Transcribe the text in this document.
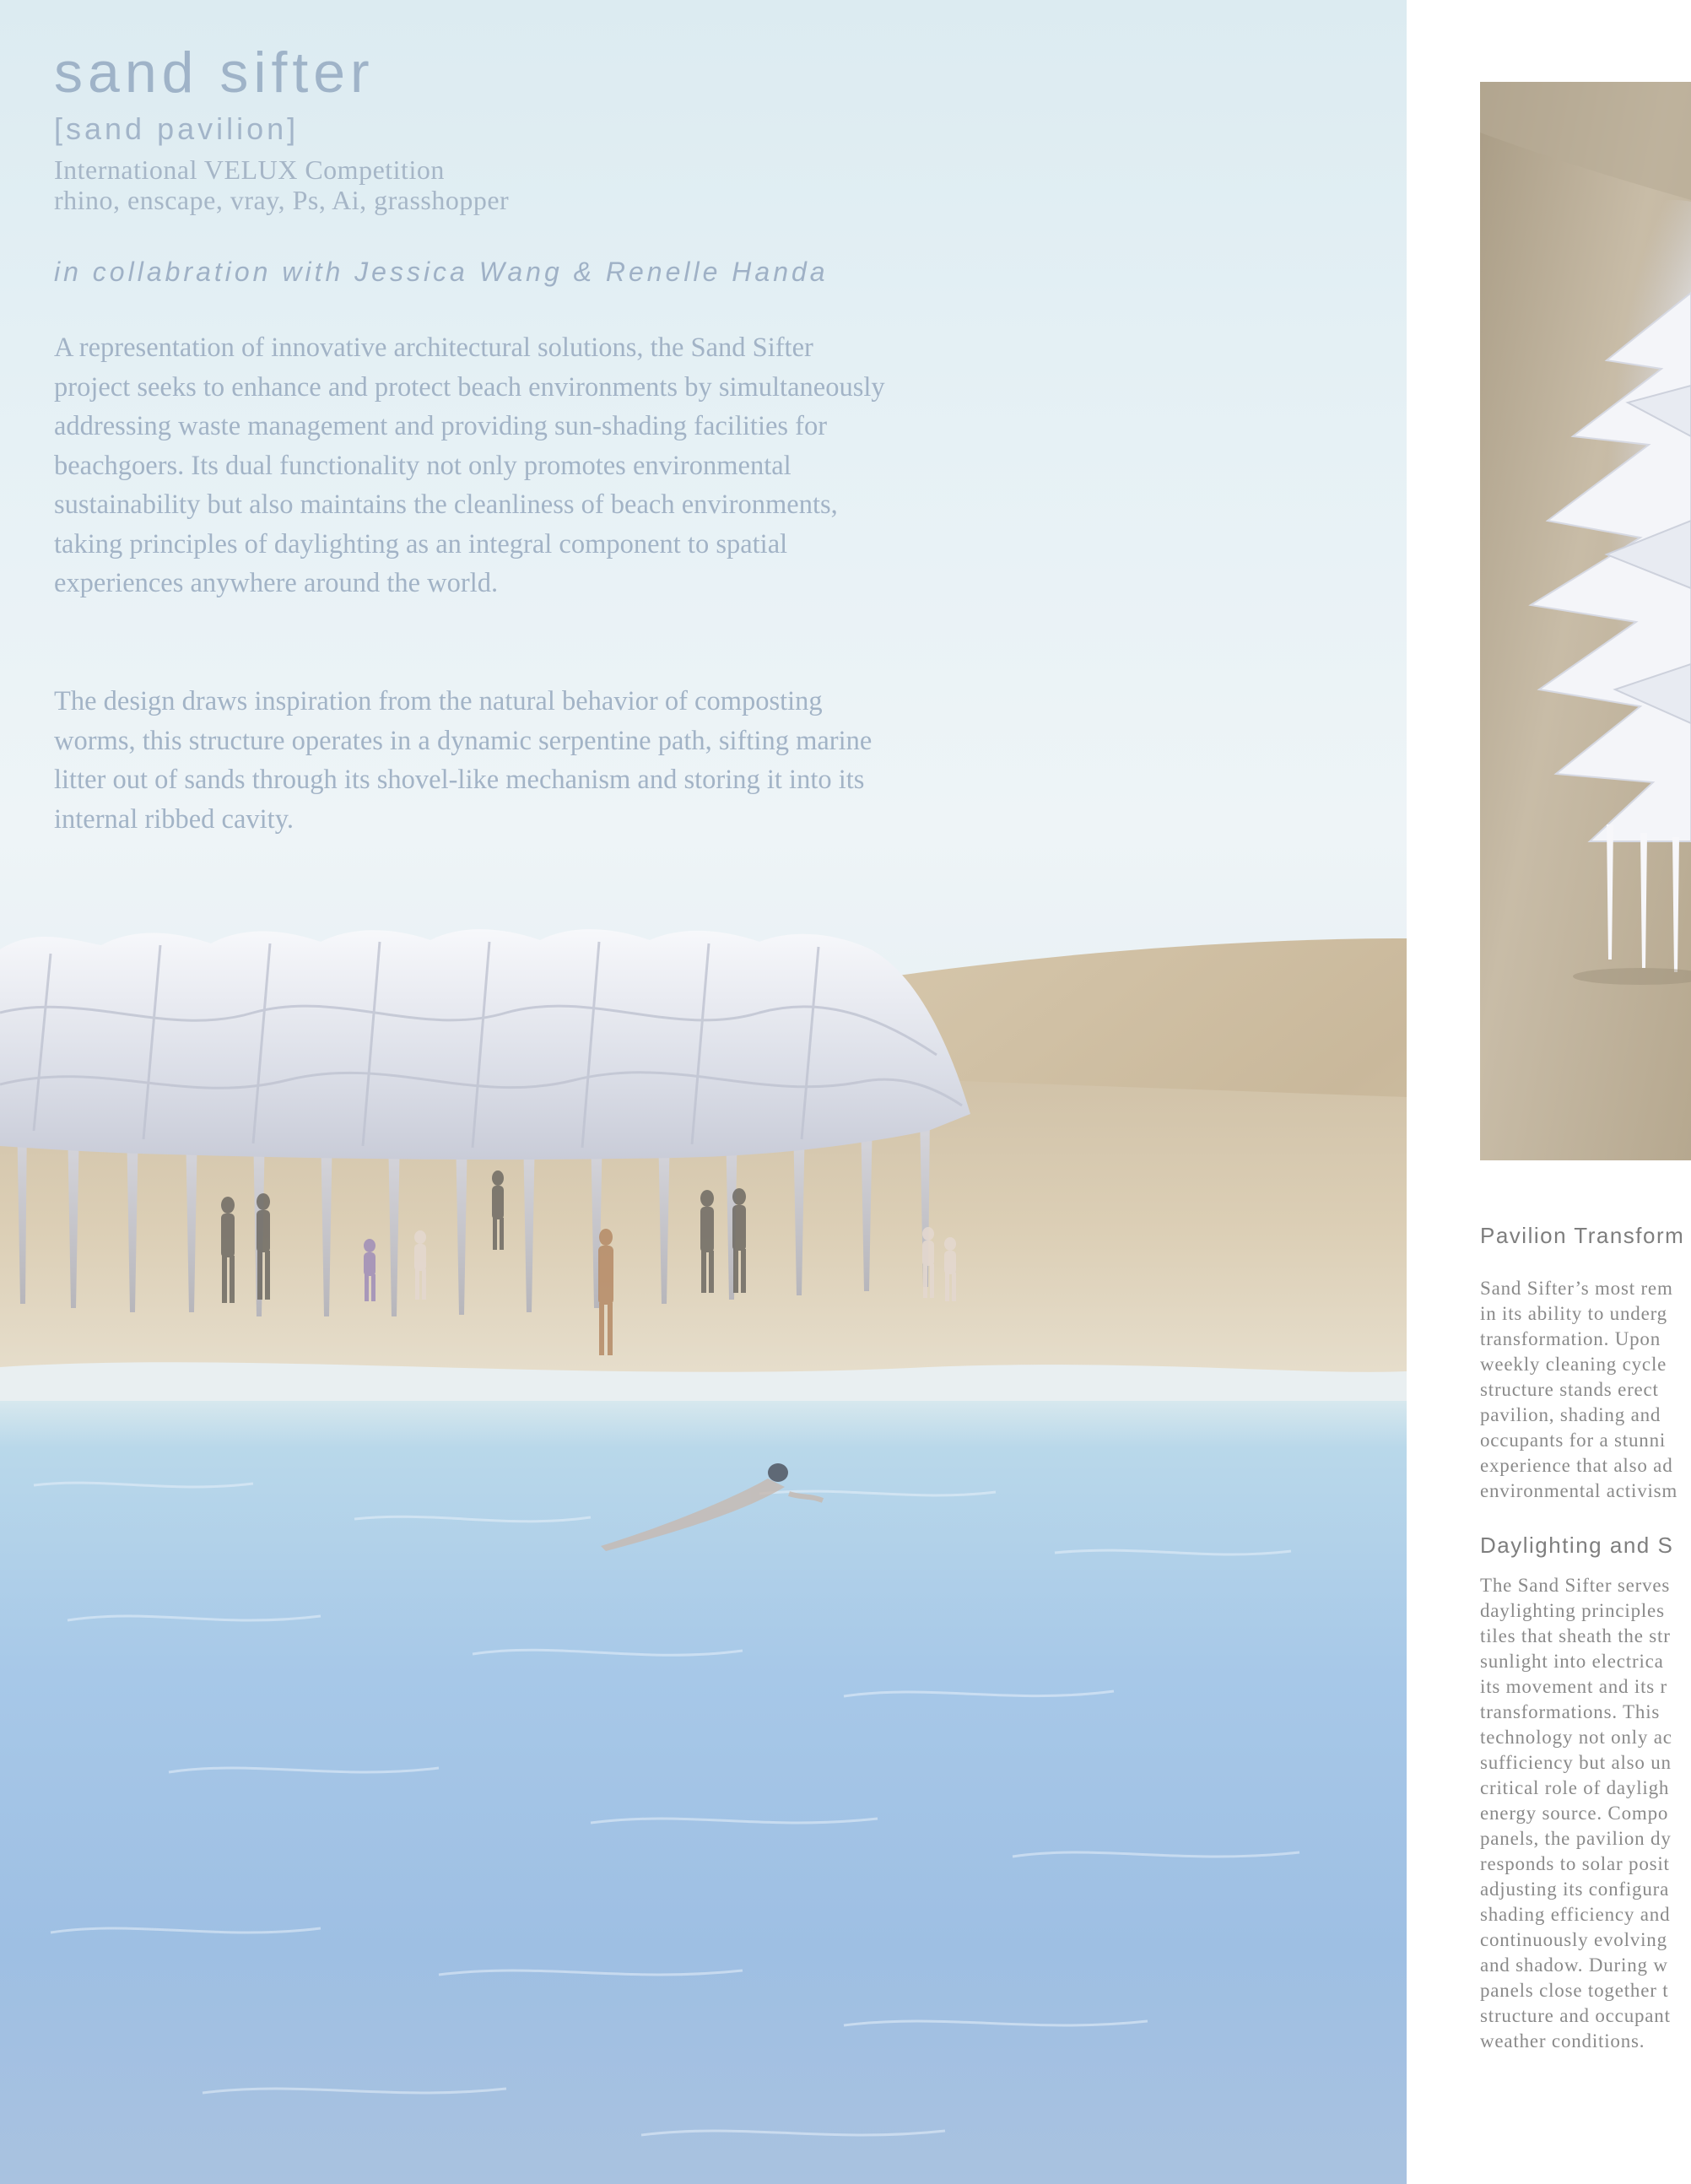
sand sifter
[sand pavilion]
International VELUX Competition
rhino, enscape, vray, Ps, Ai, grasshopper
in collabration with Jessica Wang & Renelle Handa

A representation of innovative architectural solutions, the Sand Sifter project seeks to enhance and protect beach environments by simultaneously addressing waste management and providing sun-shading facilities for beachgoers. Its dual functionality not only promotes environmental sustainability but also maintains the cleanliness of beach environments, taking principles of daylighting as an integral component to spatial experiences anywhere around the world.

The design draws inspiration from the natural behavior of composting worms, this structure operates in a dynamic serpentine path, sifting marine litter out of sands through its shovel-like mechanism and storing it into its internal ribbed cavity.

Pavilion Transform
Sand Sifter’s most rem
in its ability to underg
transformation. Upon
weekly cleaning cycle
structure stands erect
pavilion, shading and
occupants for a stunni
experience that also ad
environmental activism
Daylighting and S
The Sand Sifter serves
daylighting principles
tiles that sheath the str
sunlight into electrica
its movement and its r
transformations. This
technology not only ac
sufficiency but also un
critical role of dayligh
energy source. Compo
panels, the pavilion dy
responds to solar posit
adjusting its configura
shading efficiency and
continuously evolving
and shadow. During w
panels close together t
structure and occupant
weather conditions.
